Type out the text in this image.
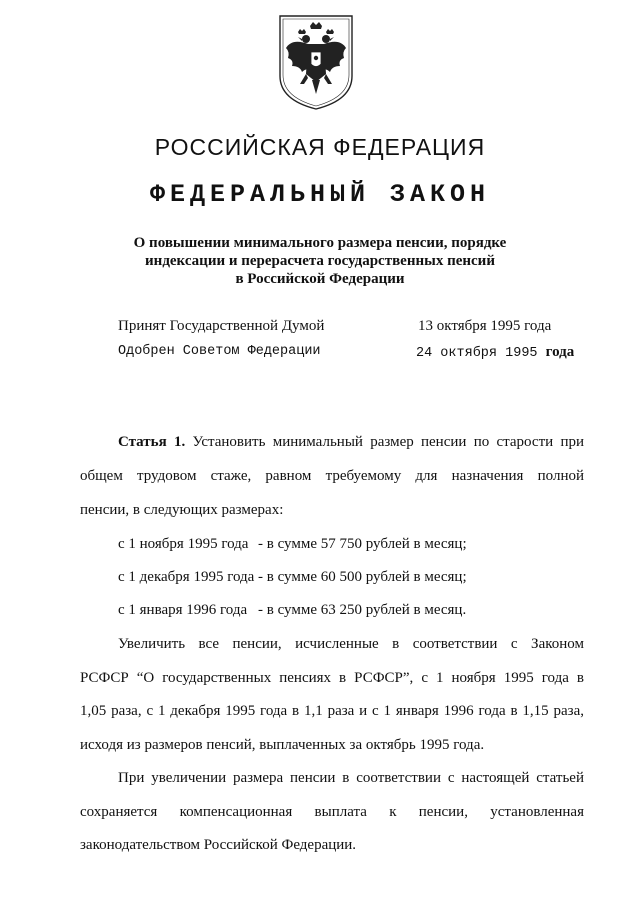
РОССИЙСКАЯ ФЕДЕРАЦИЯ
ФЕДЕРАЛЬНЫЙ ЗАКОН
О повышении минимального размера пенсии, порядке
индексации и перерасчета государственных пенсий
в Российской Федерации
Принят Государственной Думой	13 октября 1995 года
Одобрен Советом Федерации	24 октября 1995 года
Статья 1. Установить минимальный размер пенсии по старости при
общем трудовом стаже, равном требуемому для назначения полной
пенсии, в следующих размерах:
с 1 ноября 1995 года - в сумме 57 750 рублей в месяц;
с 1 декабря 1995 года - в сумме 60 500 рублей в месяц;
с 1 января 1996 года - в сумме 63 250 рублей в месяц.
Увеличить все пенсии, исчисленные в соответствии с Законом
РСФСР “О государственных пенсиях в РСФСР”, с 1 ноября 1995 года в
1,05 раза, с 1 декабря 1995 года в 1,1 раза и с 1 января 1996 года в 1,15 раза,
исходя из размеров пенсий, выплаченных за октябрь 1995 года.
При увеличении размера пенсии в соответствии с настоящей статьей
сохраняется компенсационная выплата к пенсии, установленная
законодательством Российской Федерации.
